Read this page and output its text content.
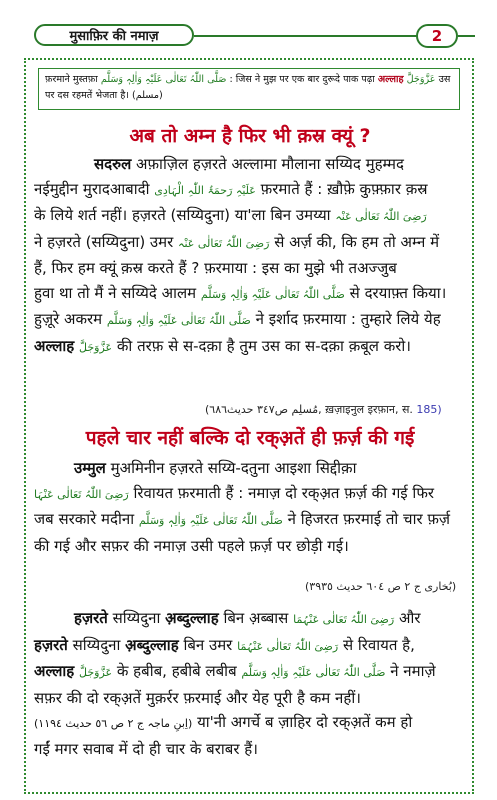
मुसाफ़िर की नमाज़	2
फ़रमाने मुस्तफ़ा صَلَّی اللّٰہُ تَعَالٰی عَلَیْہِ وَاٰلِہٖ وَسَلَّم : जिस ने मुझ पर एक बार दुरूदे पाक पढ़ा अल्लाह عَزَّوَجَلَّ उस पर दस रहमतें भेजता है। (مسلم)
अब तो अम्न है फिर भी क़स्र क्यूं ?
सदरुल अफ़ाज़िल हज़रते अल्लामा मौलाना सय्यिद मुहम्मद
नईमुद्दीन मुरादआबादी عَلَیْہِ رَحمَۃُ اللّٰہِ الْہَادِی फ़रमाते हैं : ख़ौफ़े कुफ़्फ़ार क़स्र
के लिये शर्त नहीं। हज़रते (सय्यिदुना) या'ला बिन उमय्या رَضِیَ اللّٰہُ تَعَالٰی عَنْہ
ने हज़रते (सय्यिदुना) उमर رَضِیَ اللّٰہُ تَعَالٰی عَنْہ से अर्ज़ की, कि हम तो अम्न में
हैं, फिर हम क्यूं क़स्र करते हैं ? फ़रमाया : इस का मुझे भी तअज्जुब
हुवा था तो मैं ने सय्यिदे आलम صَلَّی اللّٰہُ تَعَالٰی عَلَیْہِ وَاٰلِہٖ وَسَلَّم से दरयाफ़्त किया।
हुज़ूरे अकरम صَلَّی اللّٰہُ تَعَالٰی عَلَیْہِ وَاٰلِہٖ وَسَلَّم ने इर्शाद फ़रमाया : तुम्हारे लिये येह
अल्लाह عَزَّوَجَلَّ की तरफ़ से स-दक़ा है तुम उस का स-दक़ा क़बूल करो।
(مُسلِم ص٣٤٧ حدیث٦٨٦, ख़ज़ाइनुल इरफ़ान, स. 185)
पहले चार नहीं बल्कि दो रक्अ़तें ही फ़र्ज़ की गई
उम्मुल मुअमिनीन हज़रते सय्यि-दतुना आइशा सिद्दीक़ा
رَضِیَ اللّٰہُ تَعَالٰی عَنْہَا रिवायत फ़रमाती हैं : नमाज़ दो रक्अ़त फ़र्ज़ की गई फिर
जब सरकारे मदीना صَلَّی اللّٰہُ تَعَالٰی عَلَیْہِ وَاٰلِہٖ وَسَلَّم ने हिजरत फ़रमाई तो चार फ़र्ज़
की गई और सफ़र की नमाज़ उसी पहले फ़र्ज़ पर छोड़ी गई।
(بُخاری ج ٢ ص ٦٠٤ حدیث ٣٩٣٥)
हज़रते सय्यिदुना अ़ब्दुल्लाह बिन अ़ब्बास رَضِیَ اللّٰہُ تَعَالٰی عَنْہُمَا और
हज़रते सय्यिदुना अ़ब्दुल्लाह बिन उमर رَضِیَ اللّٰہُ تَعَالٰی عَنْہُمَا से रिवायत है,
अल्लाह عَزَّوَجَلَّ के हबीब, हबीबे लबीब صَلَّی اللّٰہُ تَعَالٰی عَلَیْہِ وَاٰلِہٖ وَسَلَّم ने नमाज़े
सफ़र की दो रक्अ़तें मुक़र्रर फ़रमाई और येह पूरी है कम नहीं।
(اِبنِ ماجہ ج ٢ ص ٥٦ حدیث ١١٩٤) या'नी अगर्चे ब ज़ाहिर दो रक्अ़तें कम हो
गईं मगर सवाब में दो ही चार के बराबर हैं।
